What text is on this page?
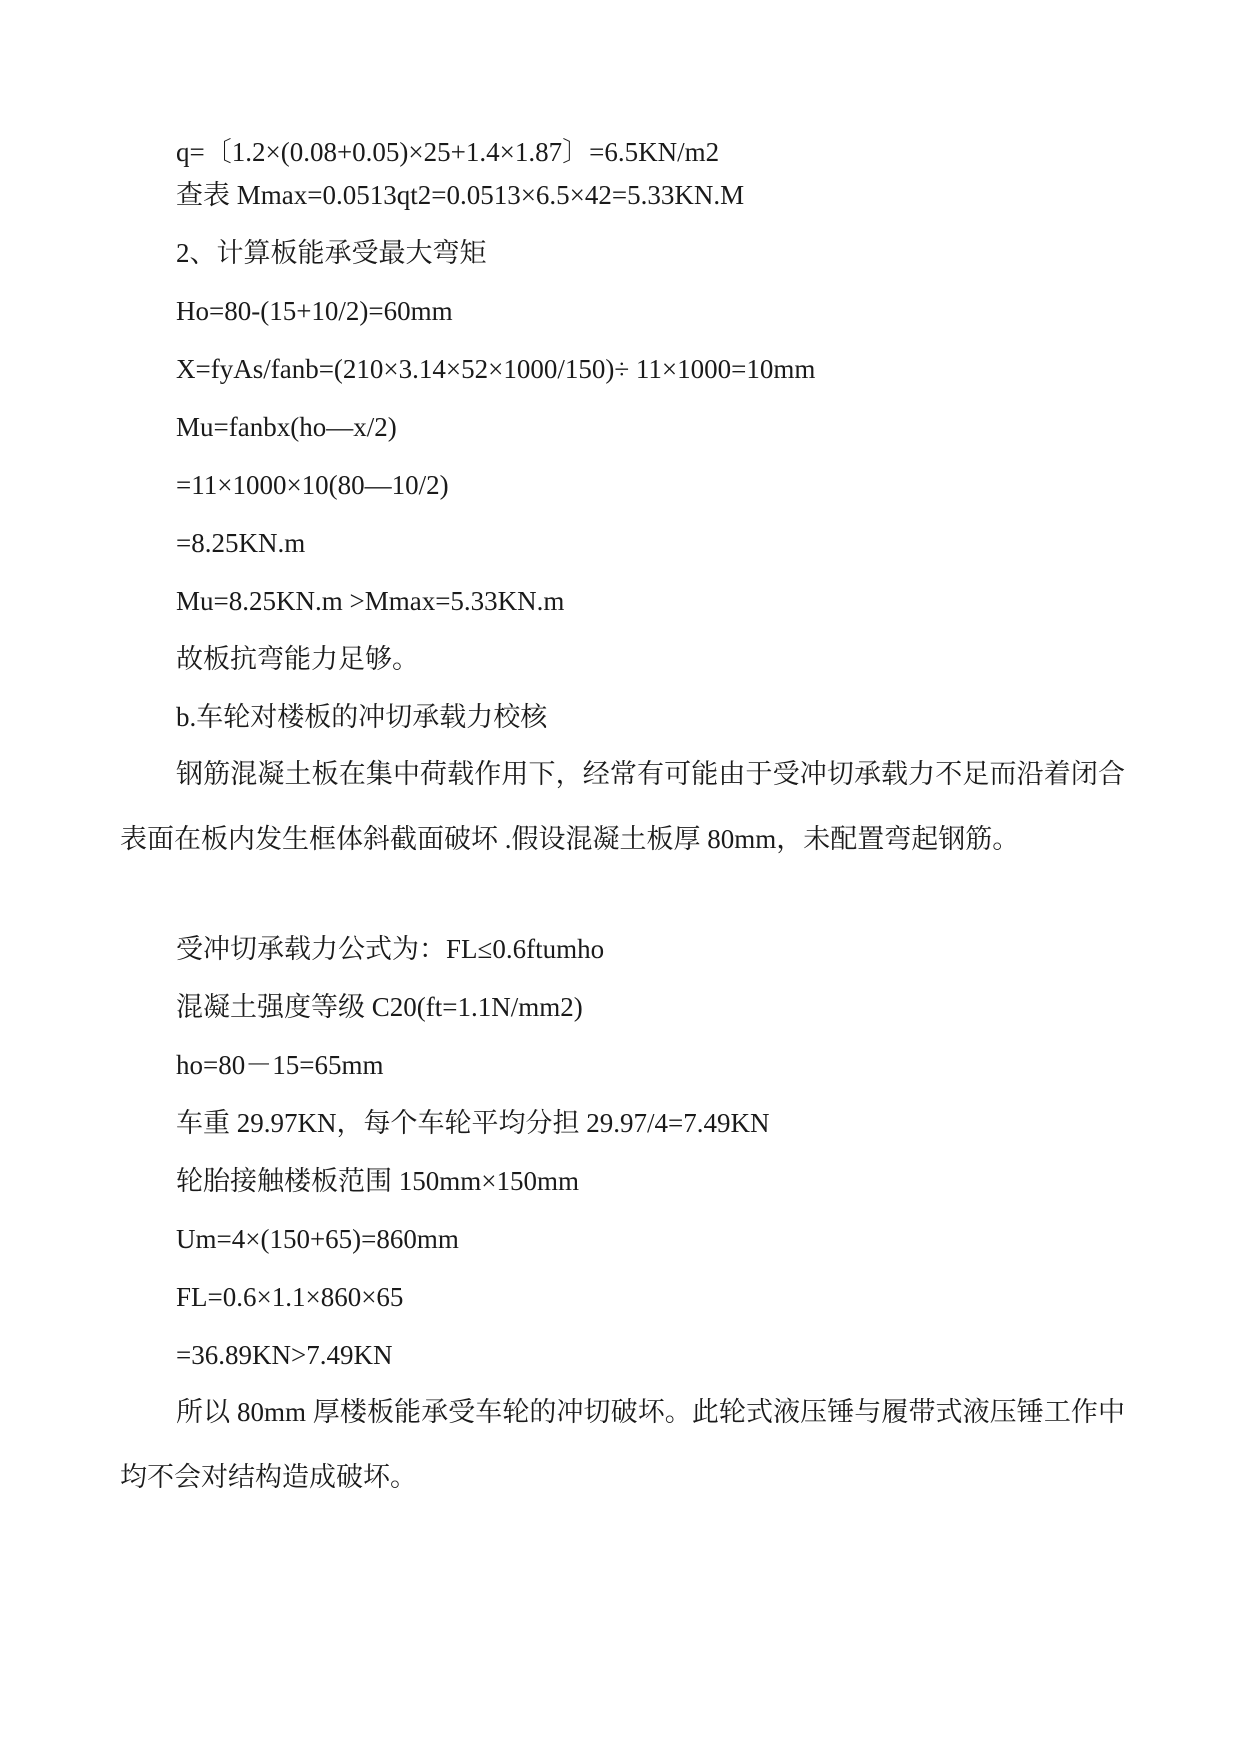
q=〔1.2×(0.08+0.05)×25+1.4×1.87〕=6.5KN/m2
查表 Mmax=0.0513qt2=0.0513×6.5×42=5.33KN.M
2、计算板能承受最大弯矩
Ho=80-(15+10/2)=60mm
X=fyAs/fanb=(210×3.14×52×1000/150)÷ 11×1000=10mm
Mu=fanbx(ho—x/2)
=11×1000×10(80—10/2)
=8.25KN.m
Mu=8.25KN.m >Mmax=5.33KN.m
故板抗弯能力足够。
b.车轮对楼板的冲切承载力校核
钢筋混凝土板在集中荷载作用下，经常有可能由于受冲切承载力不足而沿着闭合表面在板内发生框体斜截面破坏 .假设混凝土板厚 80mm，未配置弯起钢筋。
受冲切承载力公式为：FL≤0.6ftumho
混凝土强度等级 C20(ft=1.1N/mm2)
ho=80－15=65mm
车重 29.97KN，每个车轮平均分担 29.97/4=7.49KN
轮胎接触楼板范围 150mm×150mm
Um=4×(150+65)=860mm
FL=0.6×1.1×860×65
=36.89KN>7.49KN
所以 80mm 厚楼板能承受车轮的冲切破坏。此轮式液压锤与履带式液压锤工作中均不会对结构造成破坏。
